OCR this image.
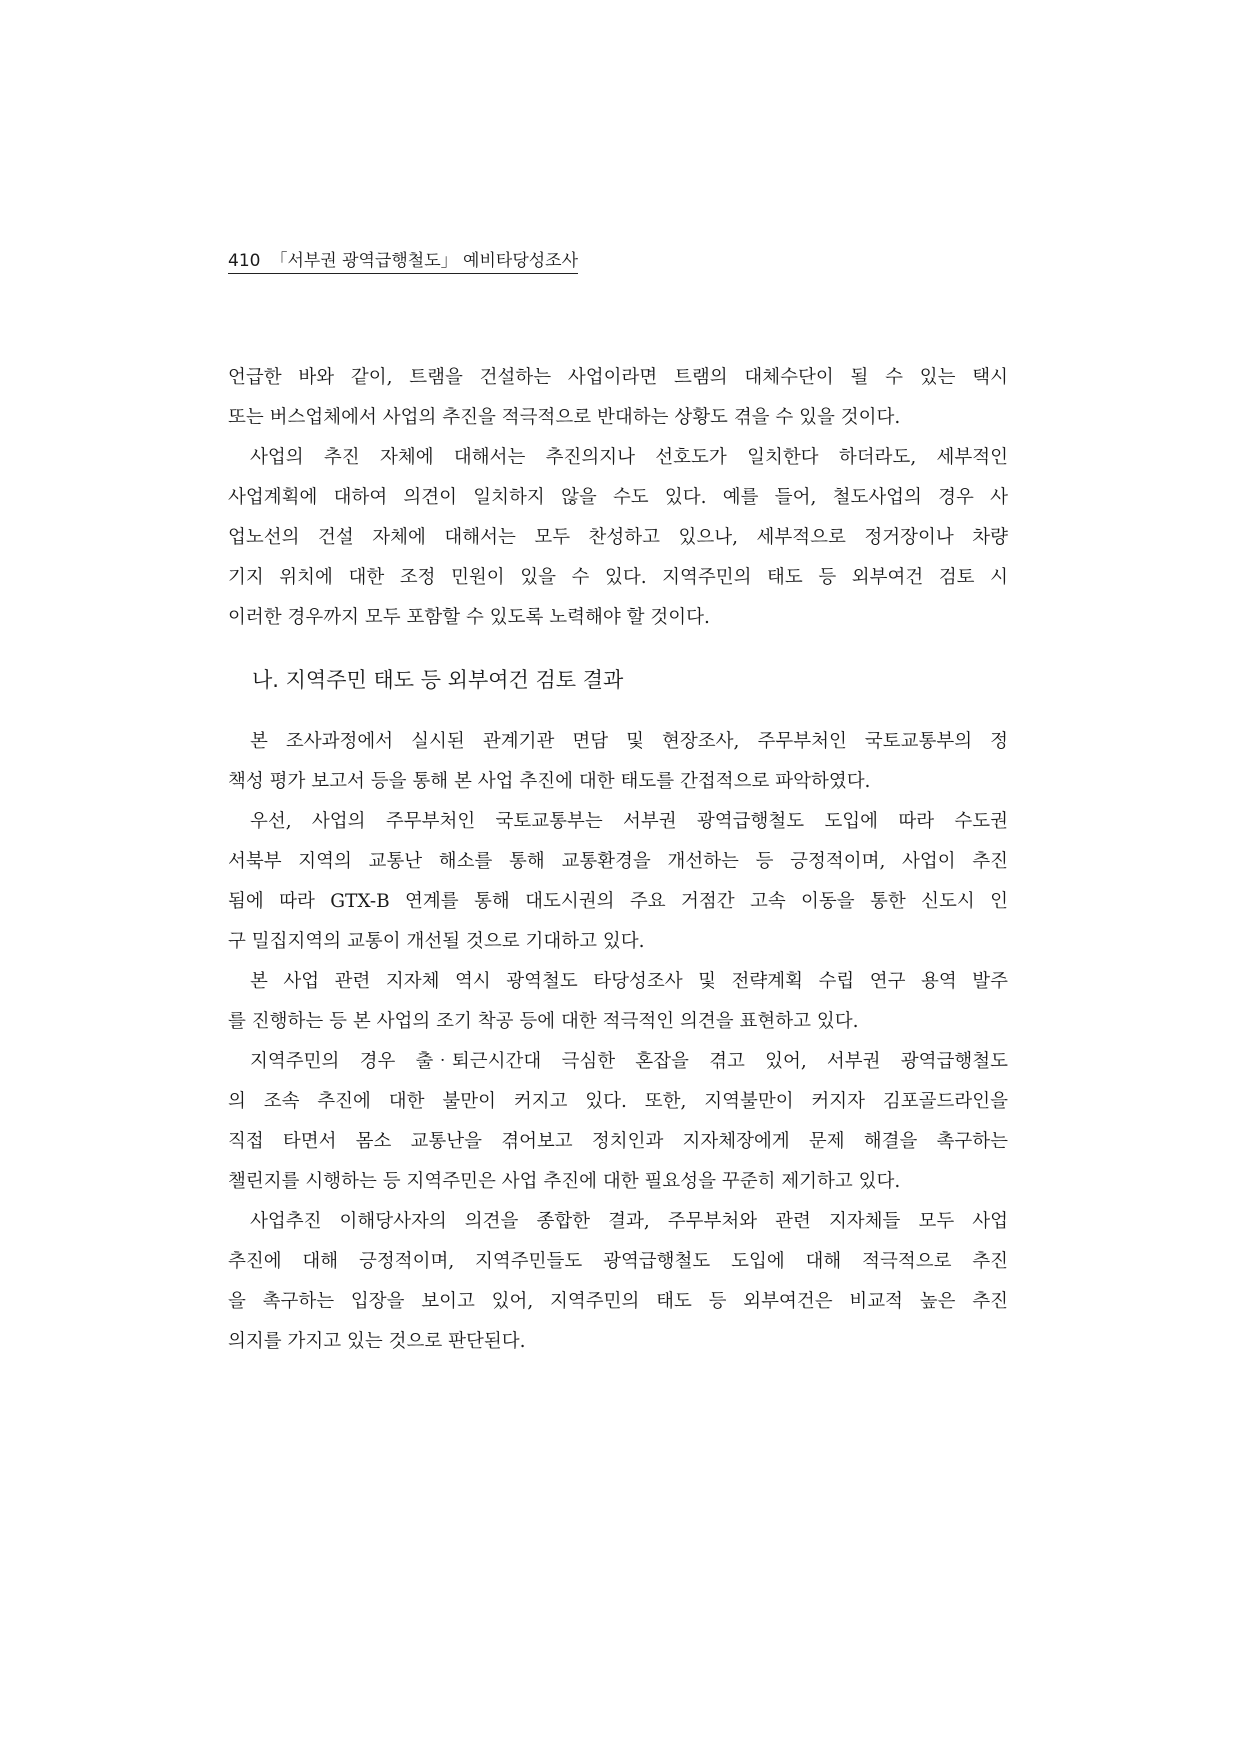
410 「서부권 광역급행철도」 예비타당성조사

언급한 바와 같이, 트램을 건설하는 사업이라면 트램의 대체수단이 될 수 있는 택시
또는 버스업체에서 사업의 추진을 적극적으로 반대하는 상황도 겪을 수 있을 것이다.

사업의 추진 자체에 대해서는 추진의지나 선호도가 일치한다 하더라도, 세부적인
사업계획에 대하여 의견이 일치하지 않을 수도 있다. 예를 들어, 철도사업의 경우 사
업노선의 건설 자체에 대해서는 모두 찬성하고 있으나, 세부적으로 정거장이나 차량
기지 위치에 대한 조정 민원이 있을 수 있다. 지역주민의 태도 등 외부여건 검토 시
이러한 경우까지 모두 포함할 수 있도록 노력해야 할 것이다.

나. 지역주민 태도 등 외부여건 검토 결과

본 조사과정에서 실시된 관계기관 면담 및 현장조사, 주무부처인 국토교통부의 정
책성 평가 보고서 등을 통해 본 사업 추진에 대한 태도를 간접적으로 파악하였다.

우선, 사업의 주무부처인 국토교통부는 서부권 광역급행철도 도입에 따라 수도권
서북부 지역의 교통난 해소를 통해 교통환경을 개선하는 등 긍정적이며, 사업이 추진
됨에 따라 GTX-B 연계를 통해 대도시권의 주요 거점간 고속 이동을 통한 신도시 인
구 밀집지역의 교통이 개선될 것으로 기대하고 있다.

본 사업 관련 지자체 역시 광역철도 타당성조사 및 전략계획 수립 연구 용역 발주
를 진행하는 등 본 사업의 조기 착공 등에 대한 적극적인 의견을 표현하고 있다.

지역주민의 경우 출‧퇴근시간대 극심한 혼잡을 겪고 있어, 서부권 광역급행철도
의 조속 추진에 대한 불만이 커지고 있다. 또한, 지역불만이 커지자 김포골드라인을
직접 타면서 몸소 교통난을 겪어보고 정치인과 지자체장에게 문제 해결을 촉구하는
챌린지를 시행하는 등 지역주민은 사업 추진에 대한 필요성을 꾸준히 제기하고 있다.

사업추진 이해당사자의 의견을 종합한 결과, 주무부처와 관련 지자체들 모두 사업
추진에 대해 긍정적이며, 지역주민들도 광역급행철도 도입에 대해 적극적으로 추진
을 촉구하는 입장을 보이고 있어, 지역주민의 태도 등 외부여건은 비교적 높은 추진
의지를 가지고 있는 것으로 판단된다.
